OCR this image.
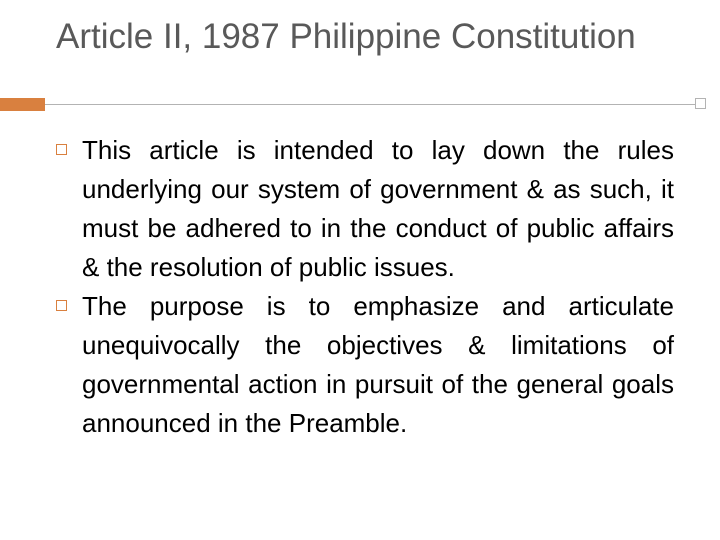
Article II, 1987 Philippine Constitution
This article is intended to lay down the rules underlying our system of government & as such, it must be adhered to in the conduct of public affairs & the resolution of public issues.
The purpose is to emphasize and articulate unequivocally the objectives & limitations of governmental action in pursuit of the general goals announced in the Preamble.
